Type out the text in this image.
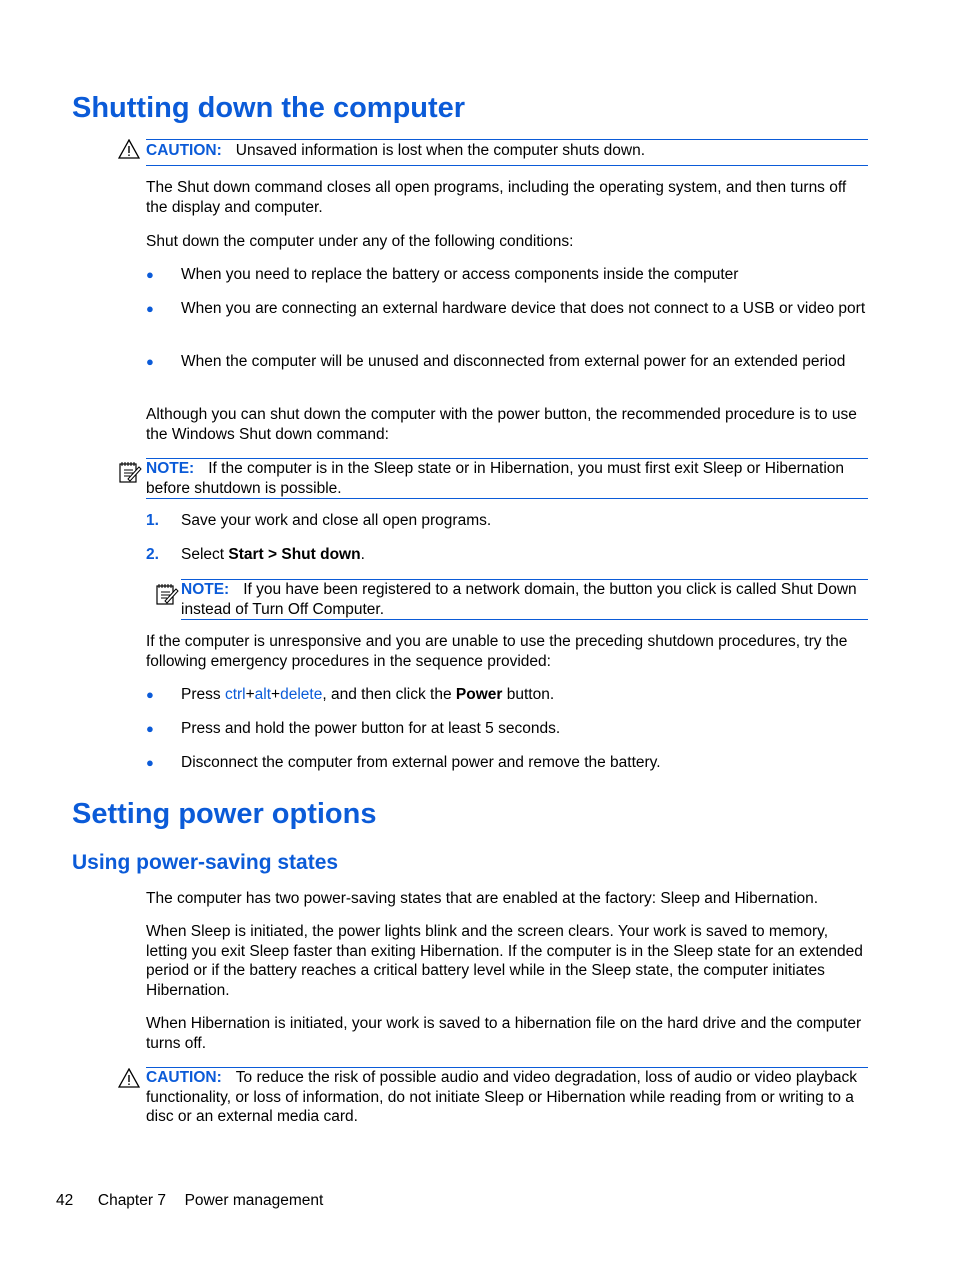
Shutting down the computer
CAUTION: Unsaved information is lost when the computer shuts down.

The Shut down command closes all open programs, including the operating system, and then turns off the display and computer.

Shut down the computer under any of the following conditions:

● When you need to replace the battery or access components inside the computer
● When you are connecting an external hardware device that does not connect to a USB or video port
● When the computer will be unused and disconnected from external power for an extended period

Although you can shut down the computer with the power button, the recommended procedure is to use the Windows Shut down command:

NOTE: If the computer is in the Sleep state or in Hibernation, you must first exit Sleep or Hibernation before shutdown is possible.
1. Save your work and close all open programs.
2. Select Start > Shut down.
NOTE: If you have been registered to a network domain, the button you click is called Shut Down instead of Turn Off Computer.

If the computer is unresponsive and you are unable to use the preceding shutdown procedures, try the following emergency procedures in the sequence provided:

● Press ctrl+alt+delete, and then click the Power button.
● Press and hold the power button for at least 5 seconds.
● Disconnect the computer from external power and remove the battery.
Setting power options
Using power-saving states

The computer has two power-saving states that are enabled at the factory: Sleep and Hibernation.

When Sleep is initiated, the power lights blink and the screen clears. Your work is saved to memory, letting you exit Sleep faster than exiting Hibernation. If the computer is in the Sleep state for an extended period or if the battery reaches a critical battery level while in the Sleep state, the computer initiates Hibernation.

When Hibernation is initiated, your work is saved to a hibernation file on the hard drive and the computer turns off.

CAUTION: To reduce the risk of possible audio and video degradation, loss of audio or video playback functionality, or loss of information, do not initiate Sleep or Hibernation while reading from or writing to a disc or an external media card.
42 Chapter 7 Power management
